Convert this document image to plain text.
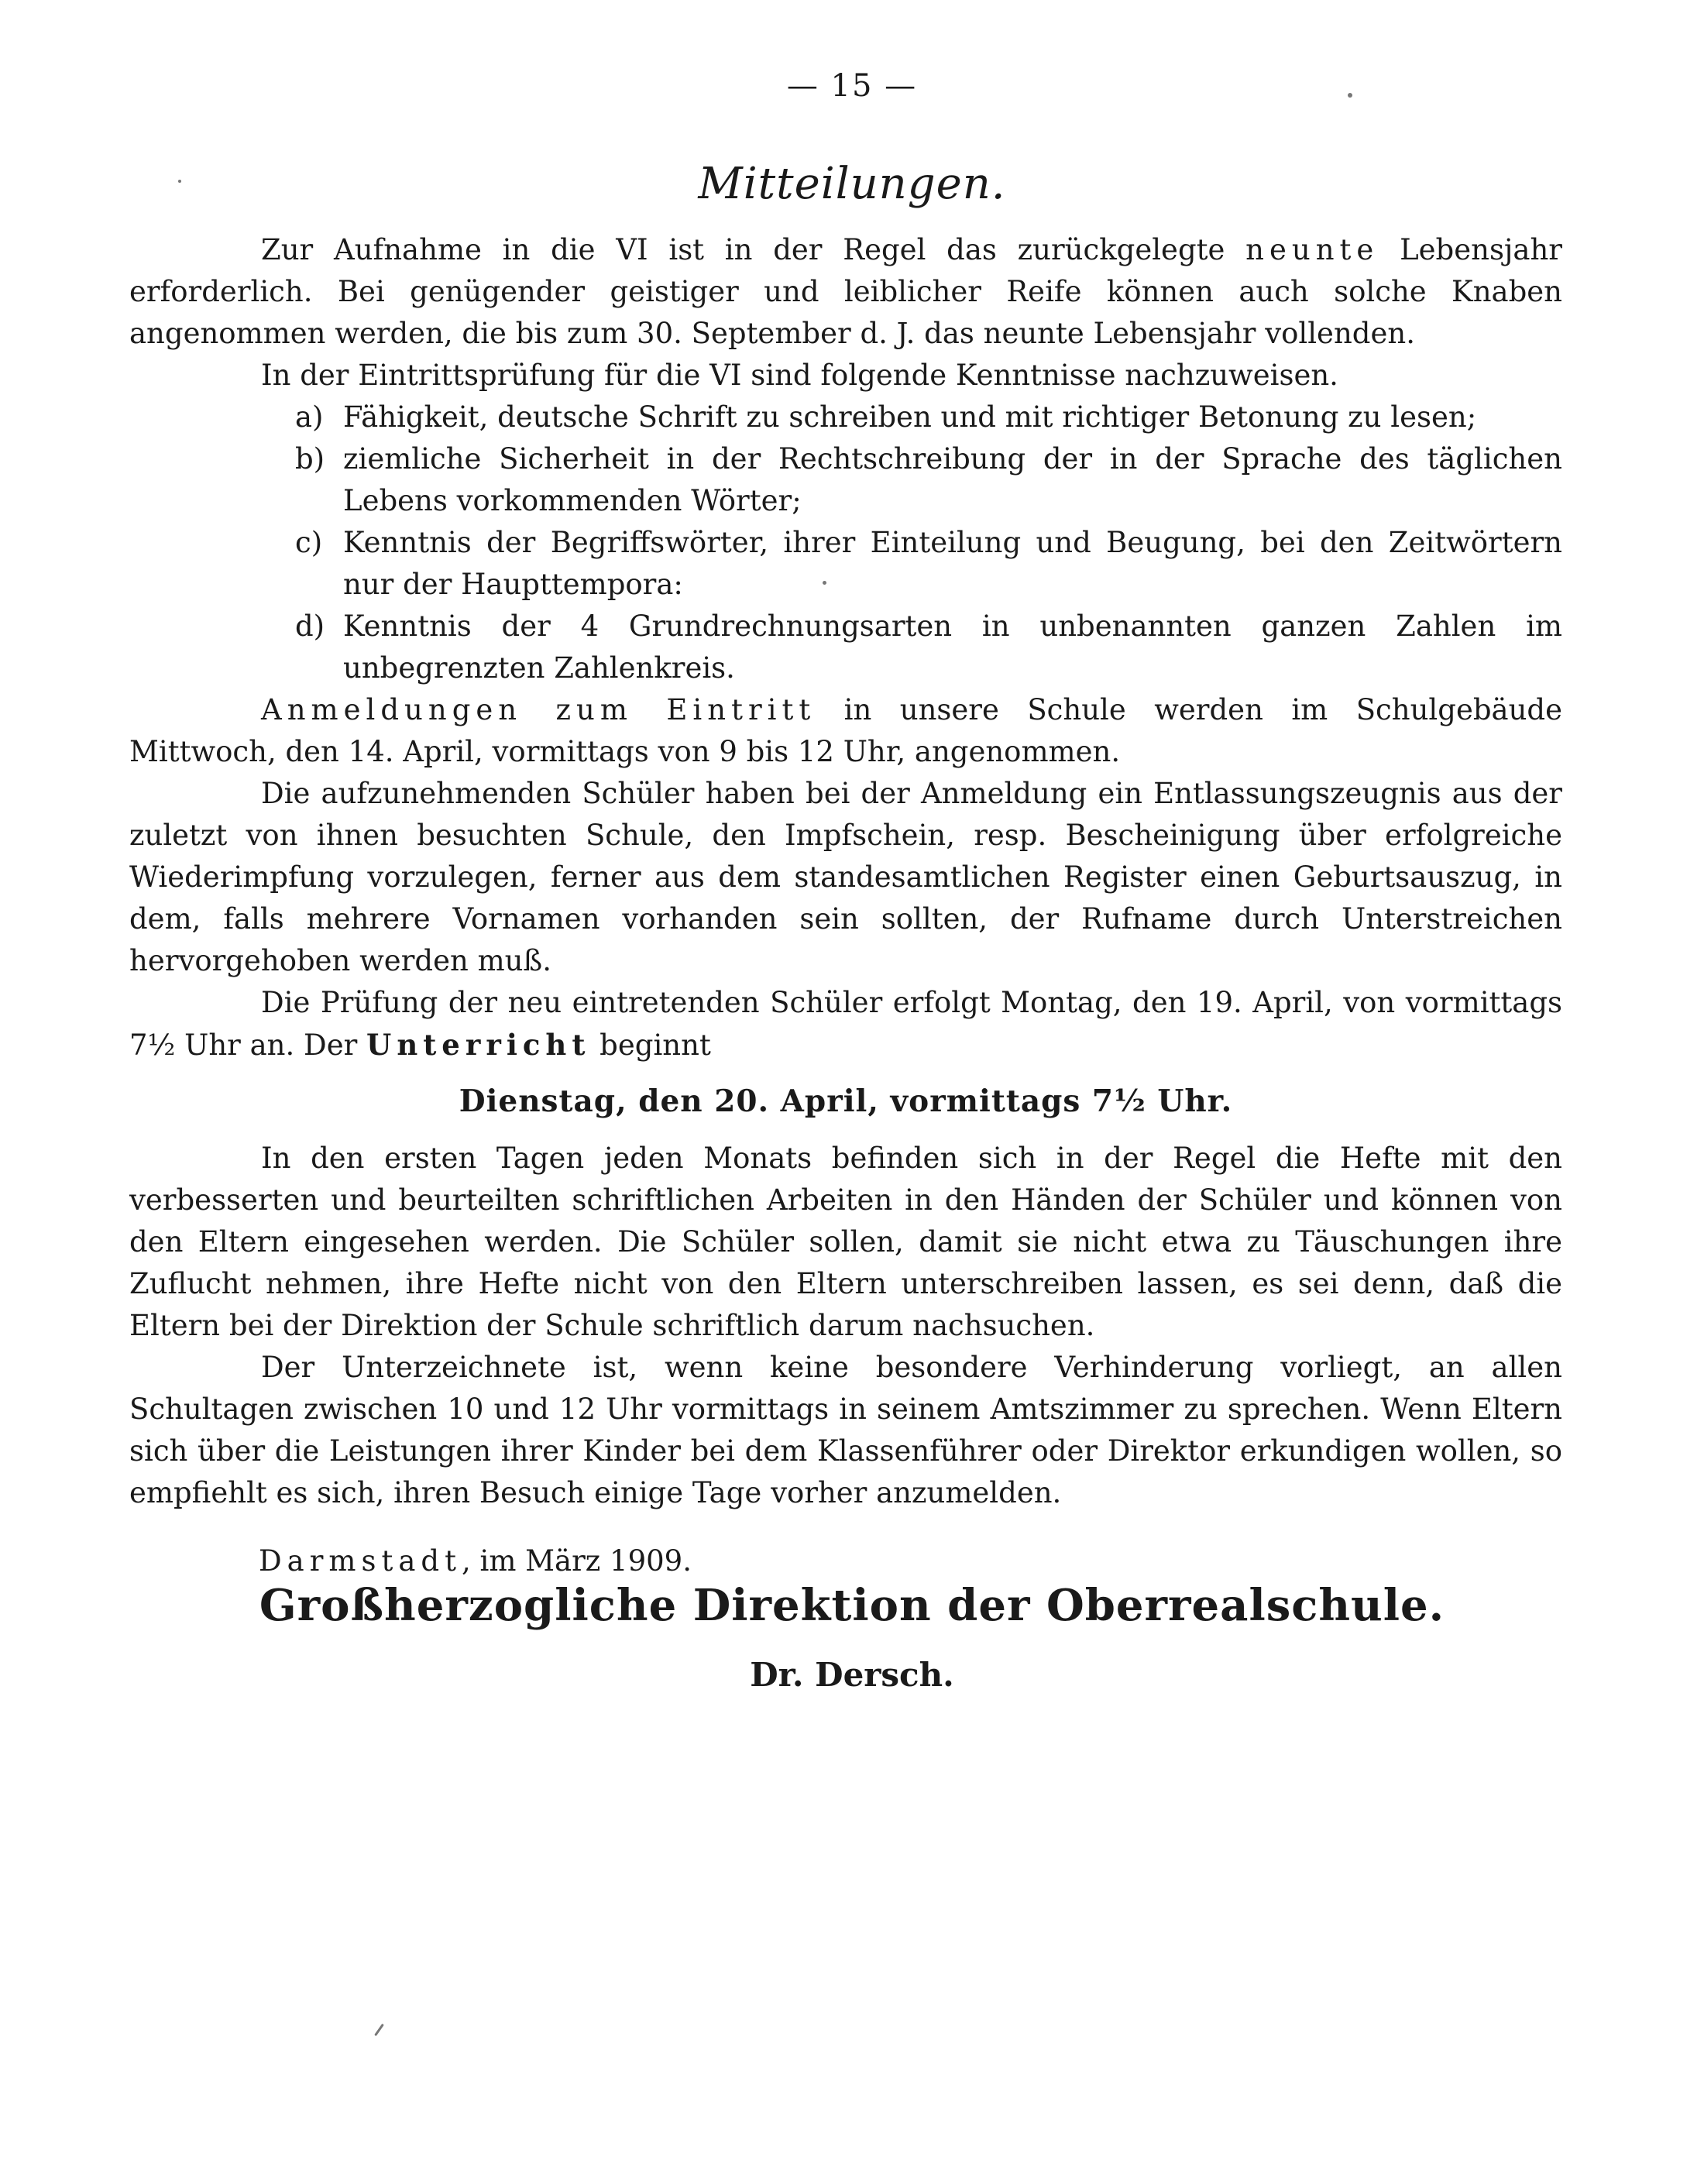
— 15 —
Mitteilungen.

Zur Aufnahme in die VI ist in der Regel das zurückgelegte neunte Lebensjahr erforderlich. Bei genügender geistiger und leiblicher Reife können auch solche Knaben angenommen werden, die bis zum 30. September d. J. das neunte Lebensjahr vollenden.

In der Eintrittsprüfung für die VI sind folgende Kenntnisse nachzuweisen.

a) Fähigkeit, deutsche Schrift zu schreiben und mit richtiger Betonung zu lesen;
b) ziemliche Sicherheit in der Rechtschreibung der in der Sprache des täglichen Lebens vorkommenden Wörter;
c) Kenntnis der Begriffswörter, ihrer Einteilung und Beugung, bei den Zeitwörtern nur der Haupttempora:
d) Kenntnis der 4 Grundrechnungsarten in unbenannten ganzen Zahlen im unbegrenzten Zahlenkreis.

Anmeldungen zum Eintritt in unsere Schule werden im Schulgebäude Mittwoch, den 14. April, vormittags von 9 bis 12 Uhr, angenommen.

Die aufzunehmenden Schüler haben bei der Anmeldung ein Entlassungszeugnis aus der zuletzt von ihnen besuchten Schule, den Impfschein, resp. Bescheinigung über erfolgreiche Wiederimpfung vorzulegen, ferner aus dem standesamtlichen Register einen Geburtsauszug, in dem, falls mehrere Vornamen vorhanden sein sollten, der Rufname durch Unterstreichen hervorgehoben werden muß.

Die Prüfung der neu eintretenden Schüler erfolgt Montag, den 19. April, von vormittags 7½ Uhr an. Der Unterricht beginnt

Dienstag, den 20. April, vormittags 7½ Uhr.

In den ersten Tagen jeden Monats befinden sich in der Regel die Hefte mit den verbesserten und beurteilten schriftlichen Arbeiten in den Händen der Schüler und können von den Eltern eingesehen werden. Die Schüler sollen, damit sie nicht etwa zu Täuschungen ihre Zuflucht nehmen, ihre Hefte nicht von den Eltern unterschreiben lassen, es sei denn, daß die Eltern bei der Direktion der Schule schriftlich darum nachsuchen.

Der Unterzeichnete ist, wenn keine besondere Verhinderung vorliegt, an allen Schultagen zwischen 10 und 12 Uhr vormittags in seinem Amtszimmer zu sprechen. Wenn Eltern sich über die Leistungen ihrer Kinder bei dem Klassenführer oder Direktor erkundigen wollen, so empfiehlt es sich, ihren Besuch einige Tage vorher anzumelden.

Darmstadt, im März 1909.

Großherzogliche Direktion der Oberrealschule.
Dr. Dersch.
